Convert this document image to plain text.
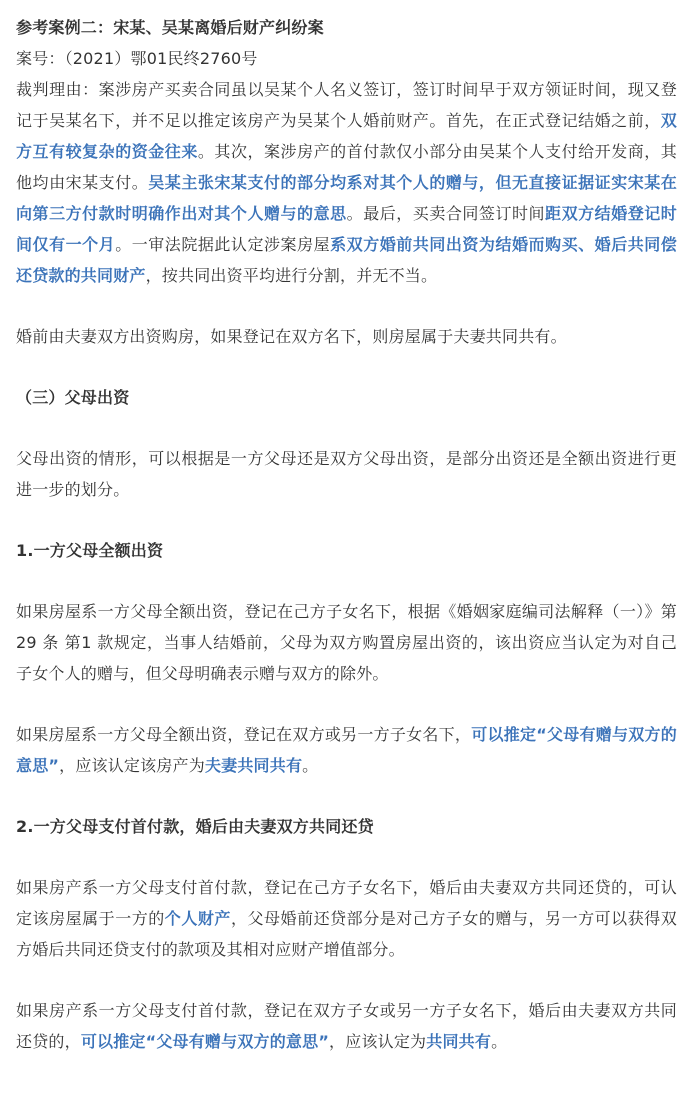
参考案例二：宋某、吴某离婚后财产纠纷案

案号：（2021）鄂01民终2760号

裁判理由：案涉房产买卖合同虽以吴某个人名义签订，签订时间早于双方领证时间，现又登记于吴某名下，并不足以推定该房产为吴某个人婚前财产。首先，在正式登记结婚之前，双方互有较复杂的资金往来。其次，案涉房产的首付款仅小部分由吴某个人支付给开发商，其他均由宋某支付。吴某主张宋某支付的部分均系对其个人的赠与，但无直接证据证实宋某在向第三方付款时明确作出对其个人赠与的意思。最后，买卖合同签订时间距双方结婚登记时间仅有一个月。一审法院据此认定涉案房屋系双方婚前共同出资为结婚而购买、婚后共同偿还贷款的共同财产，按共同出资平均进行分割，并无不当。

婚前由夫妻双方出资购房，如果登记在双方名下，则房屋属于夫妻共同共有。

（三）父母出资

父母出资的情形，可以根据是一方父母还是双方父母出资，是部分出资还是全额出资进行更进一步的划分。

1.一方父母全额出资

如果房屋系一方父母全额出资，登记在己方子女名下，根据《婚姻家庭编司法解释（一）》第 29 条 第1 款规定，当事人结婚前，父母为双方购置房屋出资的，该出资应当认定为对自己子女个人的赠与，但父母明确表示赠与双方的除外。

如果房屋系一方父母全额出资，登记在双方或另一方子女名下，可以推定“父母有赠与双方的意思”，应该认定该房产为夫妻共同共有。

2.一方父母支付首付款，婚后由夫妻双方共同还贷

如果房产系一方父母支付首付款，登记在己方子女名下，婚后由夫妻双方共同还贷的，可认定该房屋属于一方的个人财产，父母婚前还贷部分是对己方子女的赠与，另一方可以获得双方婚后共同还贷支付的款项及其相对应财产增值部分。

如果房产系一方父母支付首付款，登记在双方子女或另一方子女名下，婚后由夫妻双方共同还贷的，可以推定“父母有赠与双方的意思”，应该认定为共同共有。
